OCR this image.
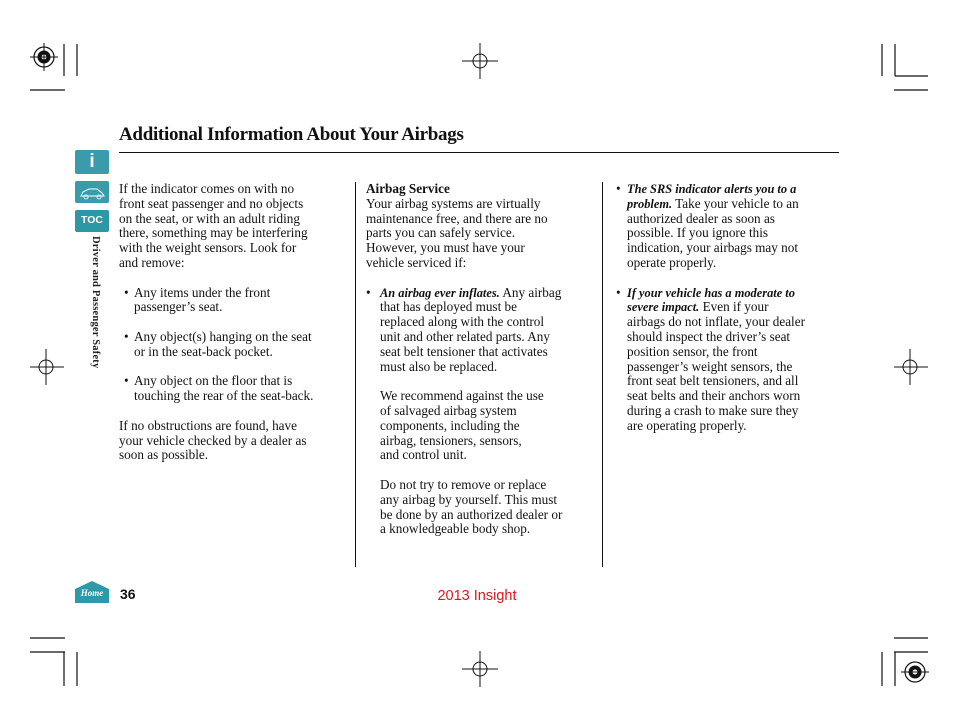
Additional Information About Your Airbags
i
TOC
Driver and Passenger Safety

If the indicator comes on with no
front seat passenger and no objects
on the seat, or with an adult riding
there, something may be interfering
with the weight sensors. Look for
and remove:

• Any items under the front
passenger’s seat.
• Any object(s) hanging on the seat
or in the seat-back pocket.
• Any object on the floor that is
touching the rear of the seat-back.

If no obstructions are found, have
your vehicle checked by a dealer as
soon as possible.

Airbag Service

Your airbag systems are virtually
maintenance free, and there are no
parts you can safely service.
However, you must have your
vehicle serviced if:

• An airbag ever inflates. Any airbag
that has deployed must be
replaced along with the control
unit and other related parts. Any
seat belt tensioner that activates
must also be replaced.

We recommend against the use
of salvaged airbag system
components, including the
airbag, tensioners, sensors,
and control unit.

Do not try to remove or replace
any airbag by yourself. This must
be done by an authorized dealer or
a knowledgeable body shop.

• The SRS indicator alerts you to a
problem. Take your vehicle to an
authorized dealer as soon as
possible. If you ignore this
indication, your airbags may not
operate properly.
• If your vehicle has a moderate to
severe impact. Even if your
airbags do not inflate, your dealer
should inspect the driver’s seat
position sensor, the front
passenger’s weight sensors, the
front seat belt tensioners, and all
seat belts and their anchors worn
during a crash to make sure they
are operating properly.
Home	36	2013 Insight
